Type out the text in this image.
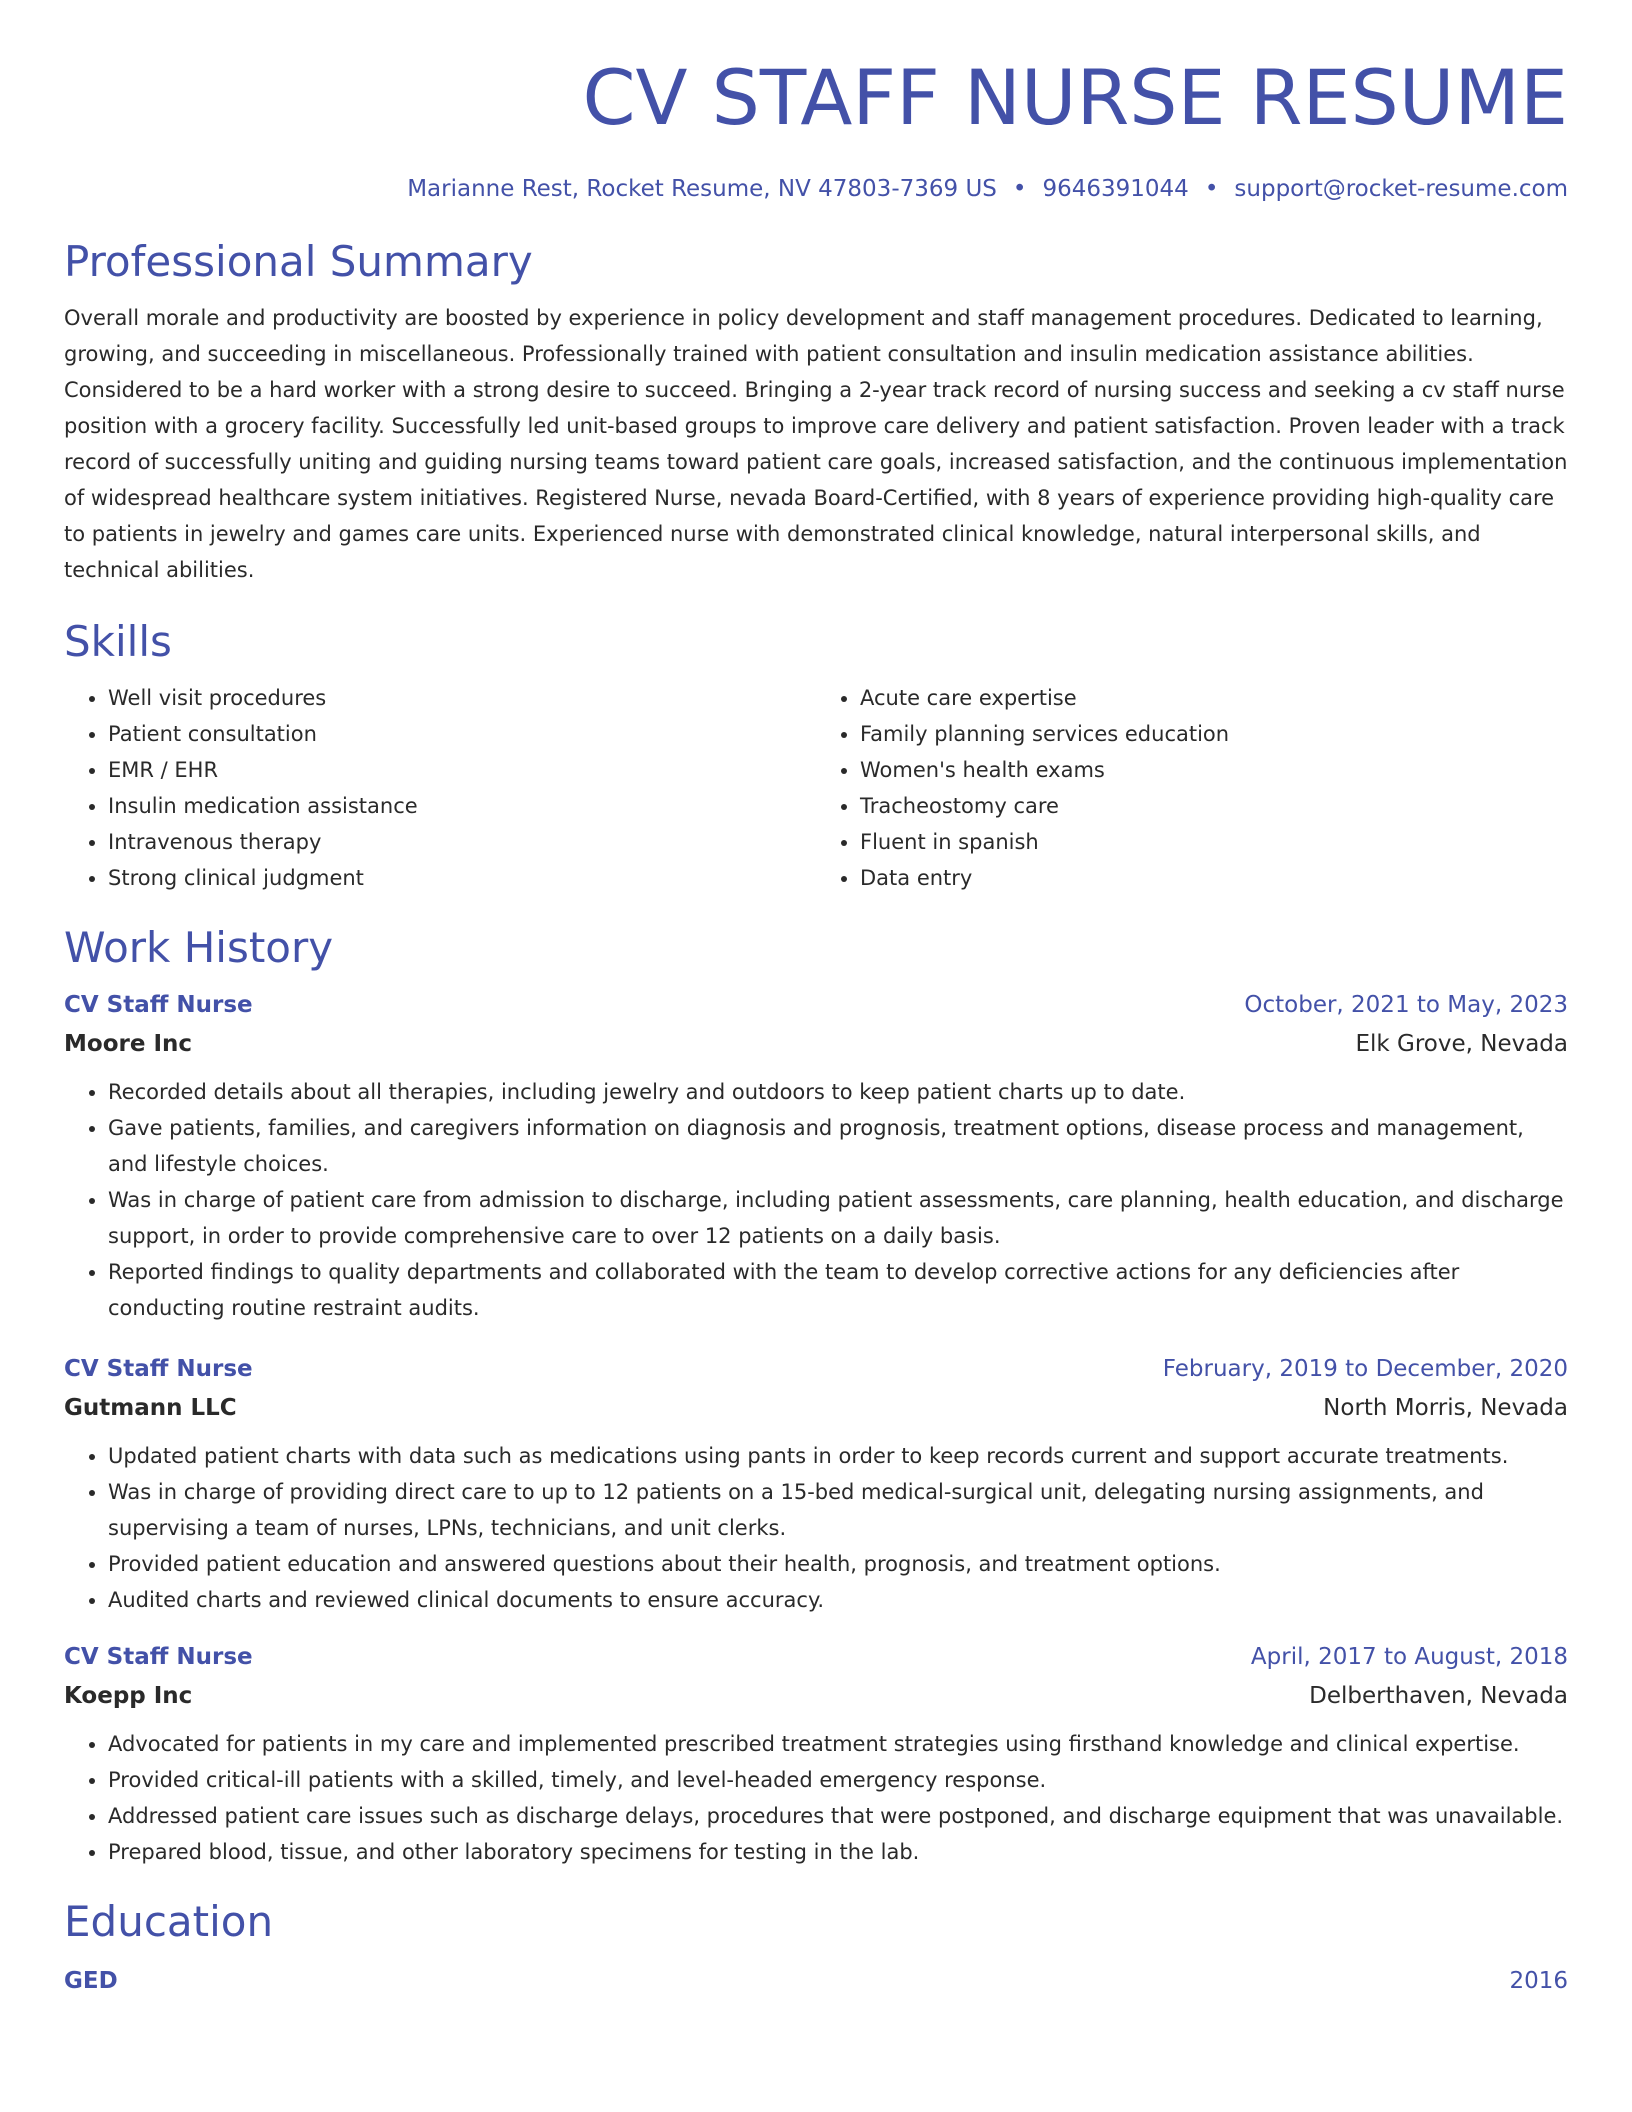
CV STAFF NURSE RESUME
Marianne Rest, Rocket Resume, NV 47803-7369 US • 9646391044 • support@rocket-resume.com
Professional Summary

Overall morale and productivity are boosted by experience in policy development and staff management procedures. Dedicated to learning, growing, and succeeding in miscellaneous. Professionally trained with patient consultation and insulin medication assistance abilities. Considered to be a hard worker with a strong desire to succeed. Bringing a 2-year track record of nursing success and seeking a cv staff nurse position with a grocery facility. Successfully led unit-based groups to improve care delivery and patient satisfaction. Proven leader with a track record of successfully uniting and guiding nursing teams toward patient care goals, increased satisfaction, and the continuous implementation of widespread healthcare system initiatives. Registered Nurse, nevada Board-Certified, with 8 years of experience providing high-quality care to patients in jewelry and games care units. Experienced nurse with demonstrated clinical knowledge, natural interpersonal skills, and technical abilities.

Skills
• Well visit procedures
• Patient consultation
• EMR / EHR
• Insulin medication assistance
• Intravenous therapy
• Strong clinical judgment
• Acute care expertise
• Family planning services education
• Women's health exams
• Tracheostomy care
• Fluent in spanish
• Data entry
Work History
CV Staff Nurse	October, 2021 to May, 2023
Moore Inc	Elk Grove, Nevada
• Recorded details about all therapies, including jewelry and outdoors to keep patient charts up to date.
• Gave patients, families, and caregivers information on diagnosis and prognosis, treatment options, disease process and management, and lifestyle choices.
• Was in charge of patient care from admission to discharge, including patient assessments, care planning, health education, and discharge support, in order to provide comprehensive care to over 12 patients on a daily basis.
• Reported findings to quality departments and collaborated with the team to develop corrective actions for any deficiencies after conducting routine restraint audits.
CV Staff Nurse	February, 2019 to December, 2020
Gutmann LLC	North Morris, Nevada
• Updated patient charts with data such as medications using pants in order to keep records current and support accurate treatments.
• Was in charge of providing direct care to up to 12 patients on a 15-bed medical-surgical unit, delegating nursing assignments, and supervising a team of nurses, LPNs, technicians, and unit clerks.
• Provided patient education and answered questions about their health, prognosis, and treatment options.
• Audited charts and reviewed clinical documents to ensure accuracy.
CV Staff Nurse	April, 2017 to August, 2018
Koepp Inc	Delberthaven, Nevada
• Advocated for patients in my care and implemented prescribed treatment strategies using firsthand knowledge and clinical expertise.
• Provided critical-ill patients with a skilled, timely, and level-headed emergency response.
• Addressed patient care issues such as discharge delays, procedures that were postponed, and discharge equipment that was unavailable.
• Prepared blood, tissue, and other laboratory specimens for testing in the lab.
Education
GED	2016
